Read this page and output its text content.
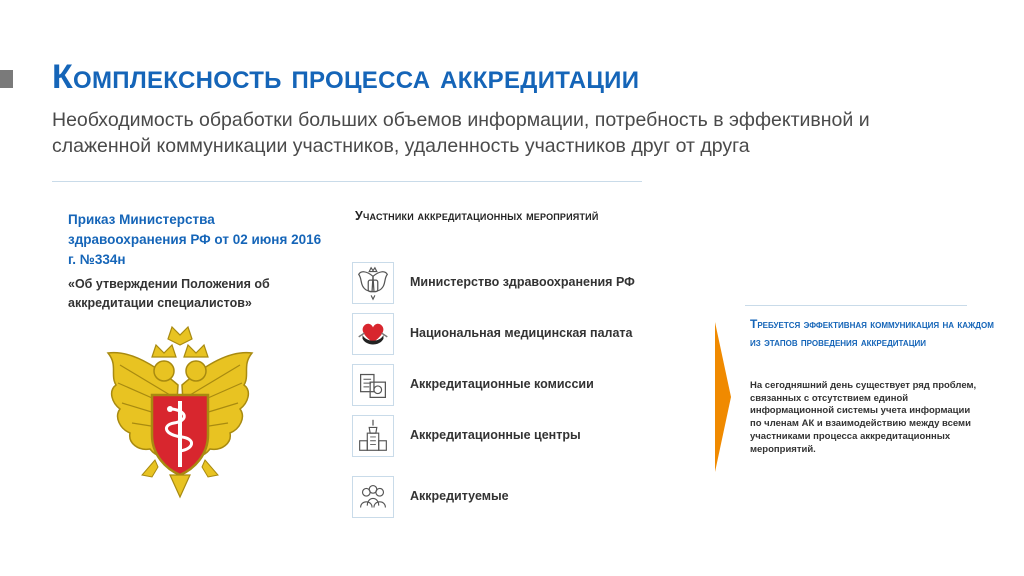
Комплексность процесса аккредитации
Необходимость обработки больших объемов информации, потребность в эффективной и слаженной коммуникации участников, удаленность участников друг от друга
Приказ Министерства здравоохранения РФ от 02 июня 2016 г. №334н
«Об утверждении Положения об аккредитации специалистов»
Участники аккредитационных мероприятий
Министерство здравоохранения РФ
Национальная медицинская палата
Аккредитационные комиссии
Аккредитационные центры
Аккредитуемые
Требуется эффективная коммуникация на каждом из этапов проведения аккредитации
На сегодняшний день существует ряд проблем, связанных с отсутствием единой информационной системы учета информации по членам АК и взаимодействию между всеми участниками процесса аккредитационных мероприятий.
